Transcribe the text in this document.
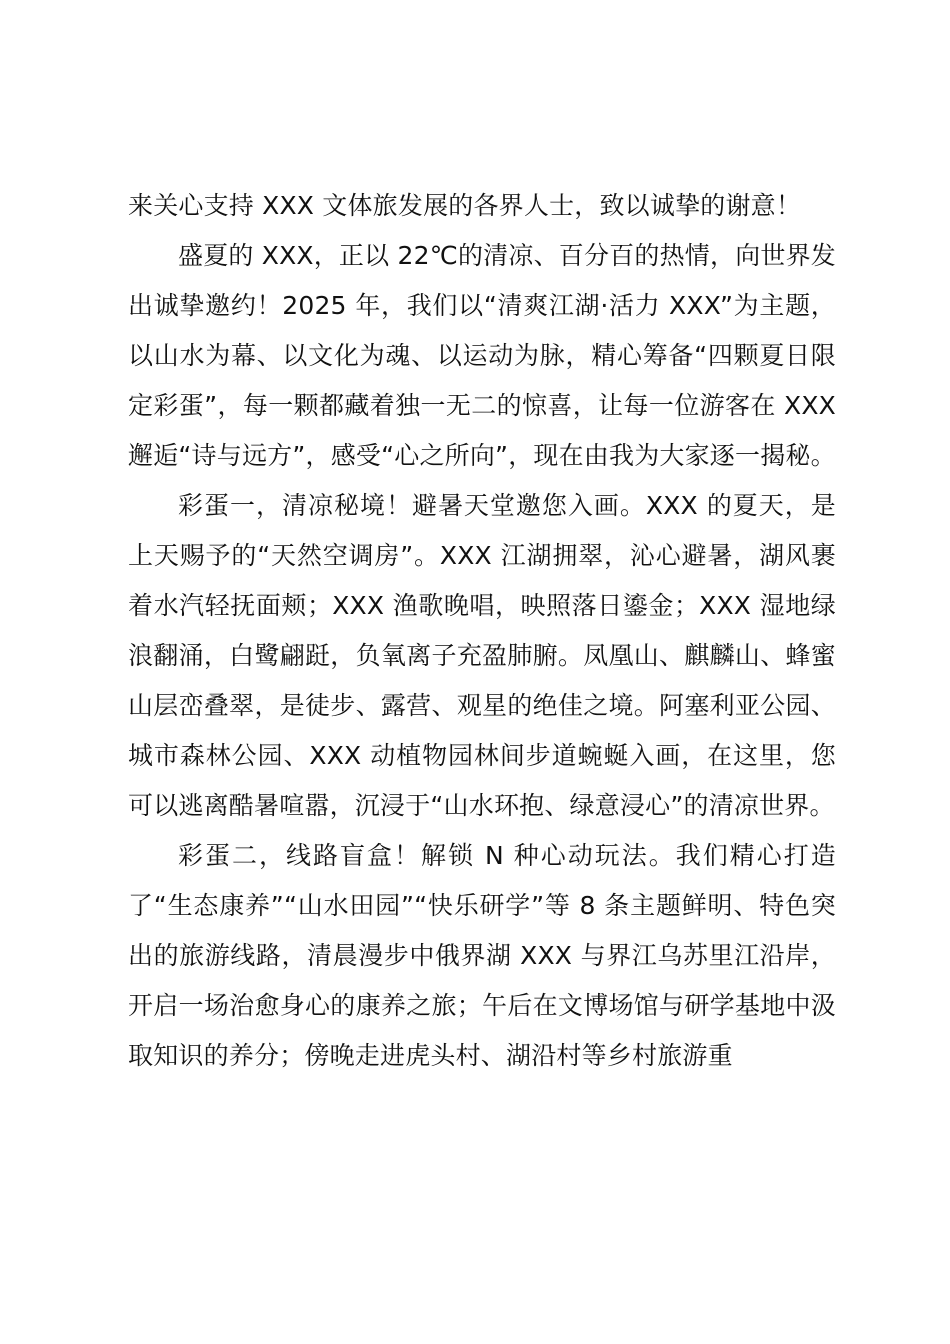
来关心支持 XXX 文体旅发展的各界人士，致以诚挚的谢意！

盛夏的 XXX，正以 22℃的清凉、百分百的热情，向世界发出诚挚邀约！2025 年，我们以“清爽江湖·活力 XXX”为主题，以山水为幕、以文化为魂、以运动为脉，精心筹备“四颗夏日限定彩蛋”，每一颗都藏着独一无二的惊喜，让每一位游客在 XXX 邂逅“诗与远方”，感受“心之所向”，现在由我为大家逐一揭秘。

彩蛋一，清凉秘境！避暑天堂邀您入画。XXX 的夏天，是上天赐予的“天然空调房”。XXX 江湖拥翠，沁心避暑，湖风裹着水汽轻抚面颊；XXX 渔歌晚唱，映照落日鎏金；XXX 湿地绿浪翻涌，白鹭翩跹，负氧离子充盈肺腑。凤凰山、麒麟山、蜂蜜山层峦叠翠，是徒步、露营、观星的绝佳之境。阿塞利亚公园、城市森林公园、XXX 动植物园林间步道蜿蜒入画，在这里，您可以逃离酷暑喧嚣，沉浸于“山水环抱、绿意浸心”的清凉世界。

彩蛋二，线路盲盒！解锁 N 种心动玩法。我们精心打造了“生态康养”“山水田园”“快乐研学”等 8 条主题鲜明、特色突出的旅游线路，清晨漫步中俄界湖 XXX 与界江乌苏里江沿岸，开启一场治愈身心的康养之旅；午后在文博场馆与研学基地中汲取知识的养分；傍晚走进虎头村、湖沿村等乡村旅游重
